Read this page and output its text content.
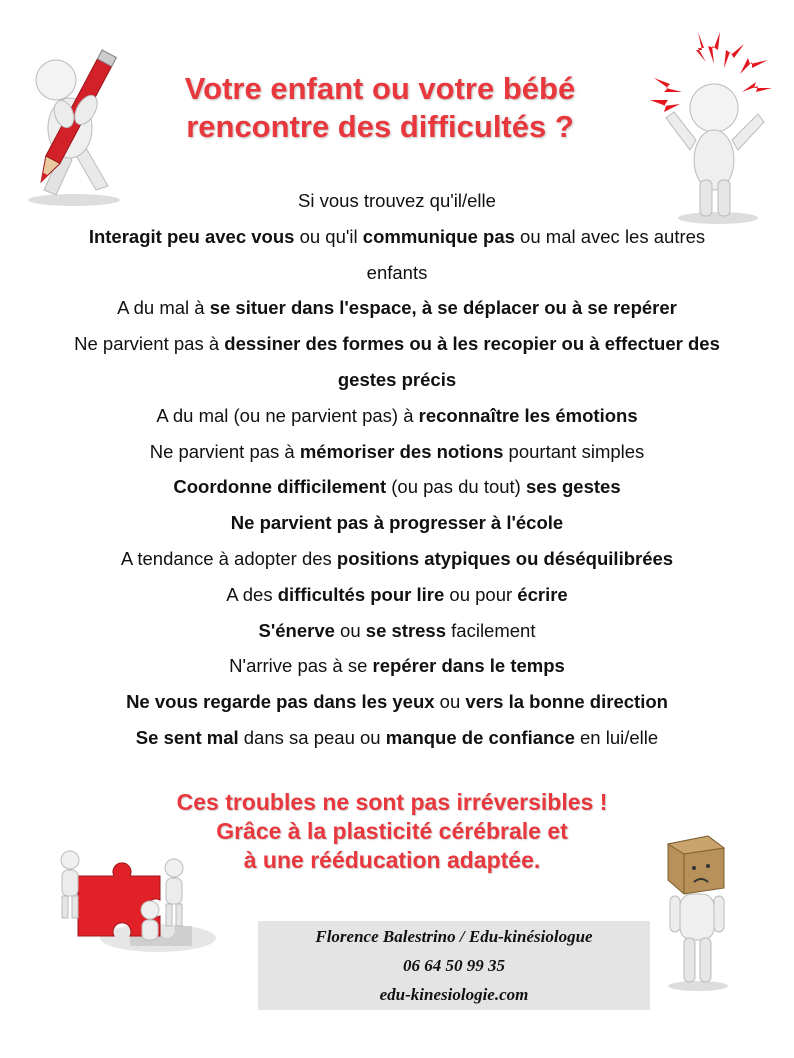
Votre enfant ou votre bébé
rencontre des difficultés ?
Si vous trouvez qu'il/elle
Interagit peu avec vous ou qu'il communique pas ou mal avec les autres enfants
A du mal à se situer dans l'espace, à se déplacer ou à se repérer
Ne parvient pas à dessiner des formes ou à les recopier ou à effectuer des gestes précis
A du mal (ou ne parvient pas) à reconnaître les émotions
Ne parvient pas à mémoriser des notions pourtant simples
Coordonne difficilement (ou pas du tout) ses gestes
Ne parvient pas à progresser à l'école
A tendance à adopter des positions atypiques ou déséquilibrées
A des difficultés pour lire ou pour écrire
S'énerve ou se stress facilement
N'arrive pas à se repérer dans le temps
Ne vous regarde pas dans les yeux ou vers la bonne direction
Se sent mal dans sa peau ou manque de confiance en lui/elle
Ces troubles ne sont pas irréversibles !
Grâce à la plasticité cérébrale et
à une rééducation adaptée.
Florence Balestrino / Edu-kinésiologue
06 64 50 99 35
edu-kinesiologie.com
